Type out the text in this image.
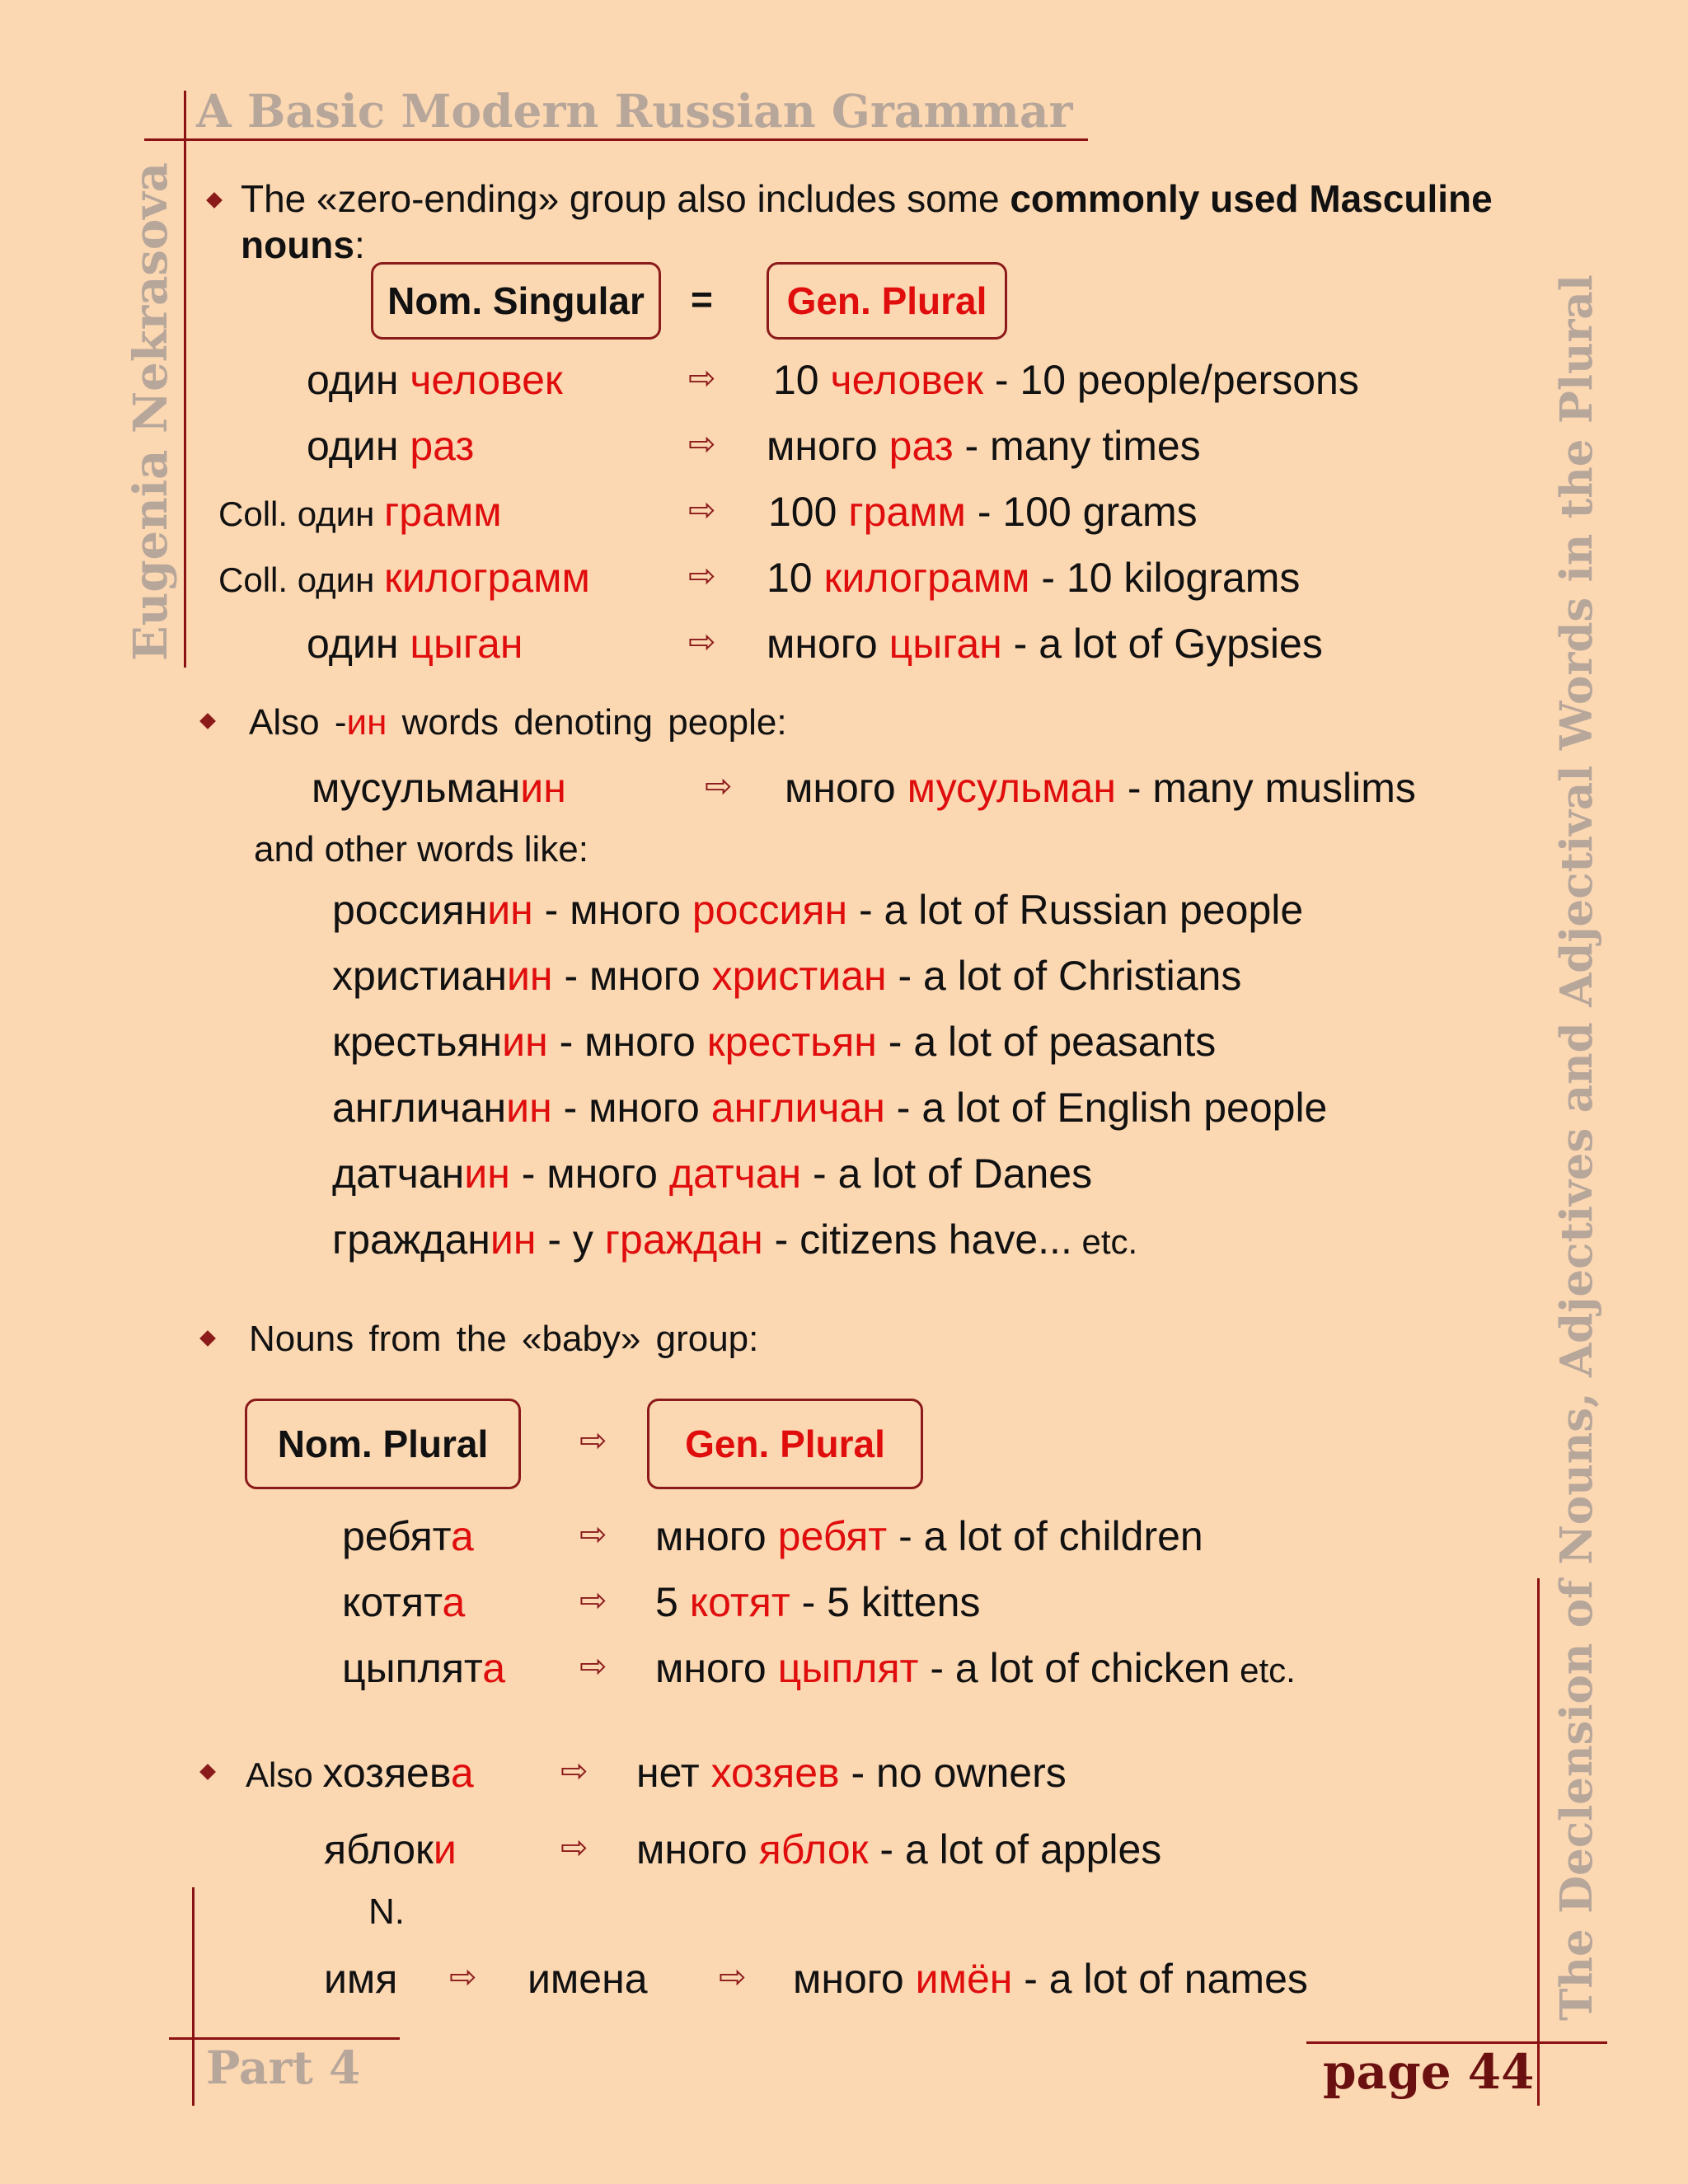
A Basic Modern Russian Grammar
Eugenia Nekrasova	The Declension of Nouns, Adjectives and Adjectival Words in the Plural
Part 4	page 44
The «zero-ending» group also includes some commonly used Masculine
nouns:
Nom. Singular = Gen. Plural
один человек	⇨ 10 человек - 10 people/persons
один раз	⇨ много раз - many times
Coll. один грамм	⇨ 100 грамм - 100 grams
Coll. один килограмм	⇨ 10 килограмм - 10 kilograms
один цыган	⇨ много цыган - a lot of Gypsies
Also -ин words denoting people:
мусульманин	⇨ много мусульман - many muslims
and other words like:
россиянин - много россиян - a lot of Russian people
христианин - много христиан - a lot of Christians
крестьянин - много крестьян - a lot of peasants
англичанин - много англичан - a lot of English people
датчанин - много датчан - a lot of Danes
гражданин - у граждан - citizens have... etc.
Nouns from the «baby» group:
Nom. Plural	⇨ Gen. Plural
ребята	⇨ много ребят - a lot of children
котята	⇨ 5 котят - 5 kittens
цыплята ⇨ много цыплят - a lot of chicken etc.
Also хозяева	⇨ нет хозяев - no owners
яблоки	⇨ много яблок - a lot of apples
N.
имя ⇨ имена ⇨ много имён - a lot of names
